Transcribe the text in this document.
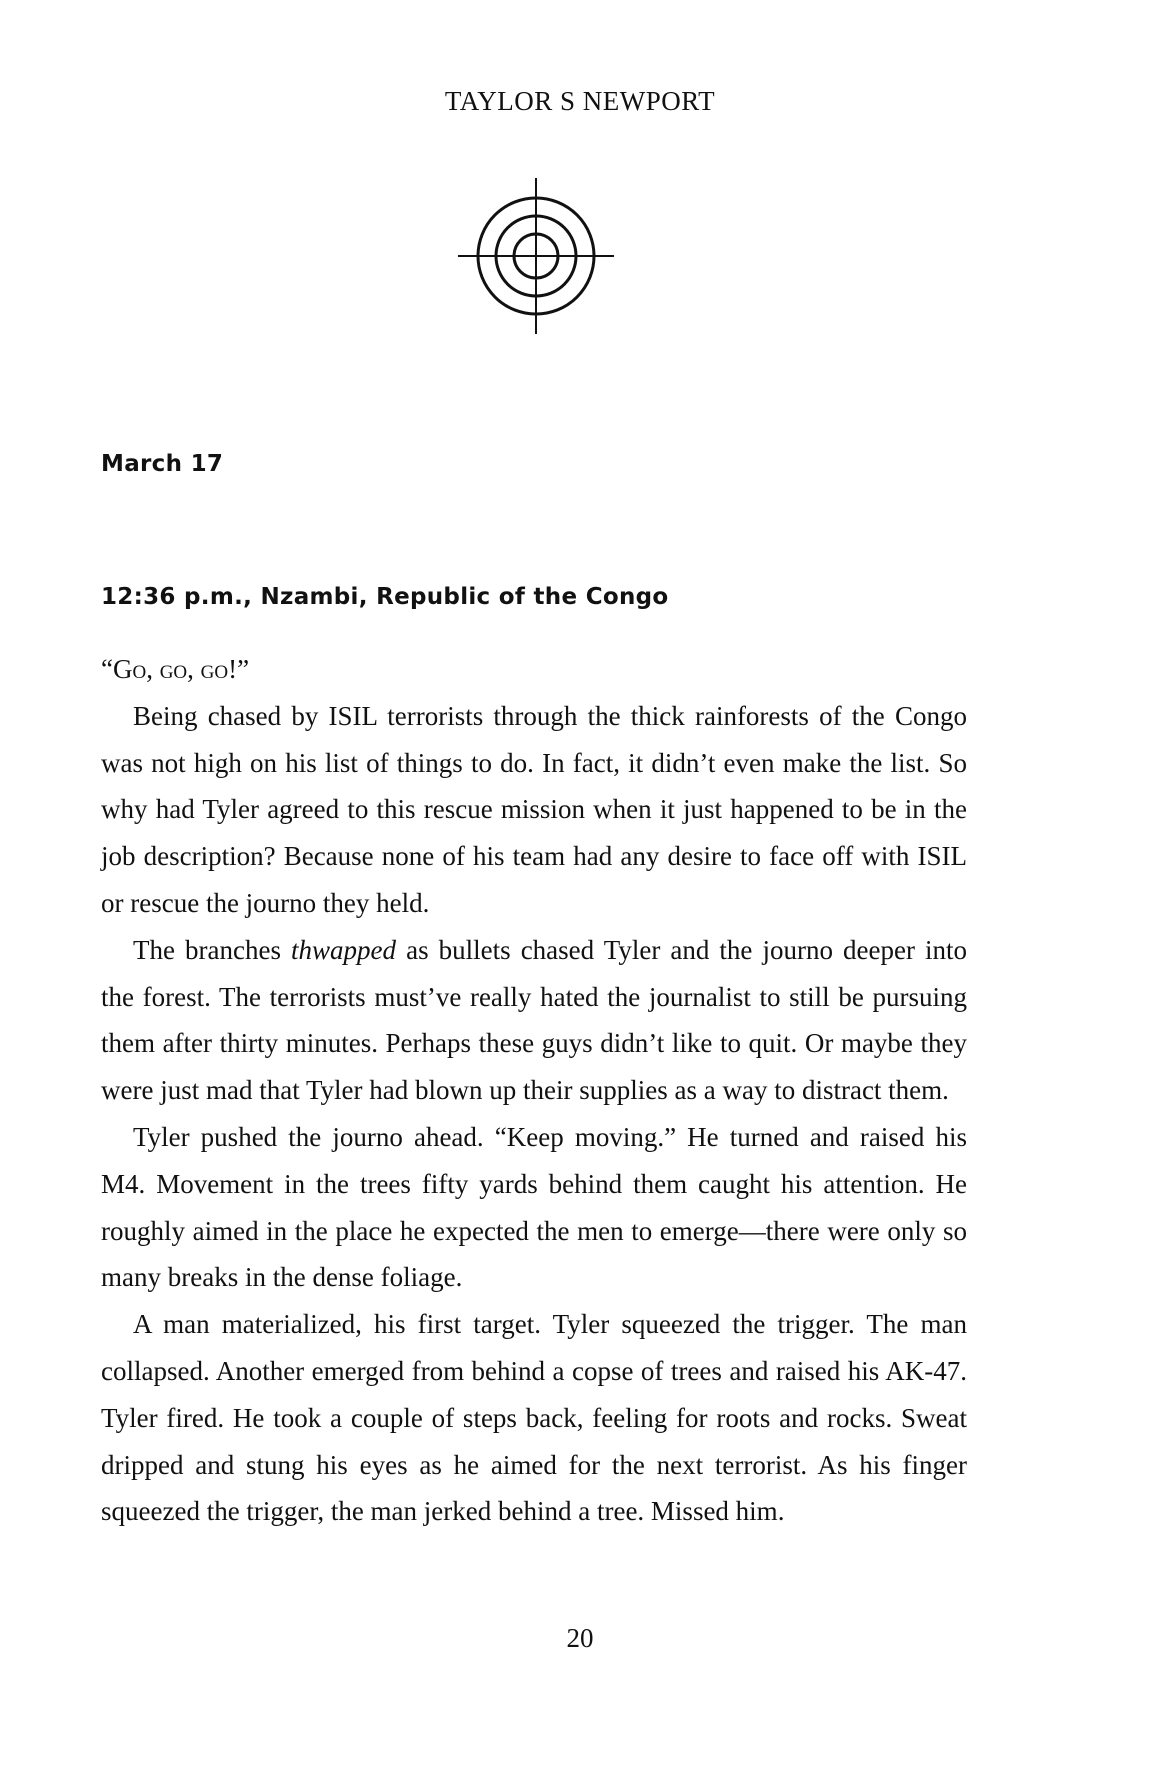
TAYLOR S NEWPORT
March 17
12:36 p.m., Nzambi, Republic of the Congo

“Go, go, go!”

Being chased by ISIL terrorists through the thick rainforests of the Congo was not high on his list of things to do. In fact, it didn’t even make the list. So why had Tyler agreed to this rescue mission when it just happened to be in the job description? Because none of his team had any desire to face off with ISIL or rescue the journo they held.

The branches thwapped as bullets chased Tyler and the journo deeper into the forest. The terrorists must’ve really hated the journalist to still be pursuing them after thirty minutes. Perhaps these guys didn’t like to quit. Or maybe they were just mad that Tyler had blown up their supplies as a way to distract them.

Tyler pushed the journo ahead. “Keep moving.” He turned and raised his M4. Movement in the trees fifty yards behind them caught his attention. He roughly aimed in the place he expected the men to emerge—there were only so many breaks in the dense foliage.

A man materialized, his first target. Tyler squeezed the trigger. The man collapsed. Another emerged from behind a copse of trees and raised his AK-47. Tyler fired. He took a couple of steps back, feeling for roots and rocks. Sweat dripped and stung his eyes as he aimed for the next terrorist. As his finger squeezed the trigger, the man jerked behind a tree. Missed him.

20
